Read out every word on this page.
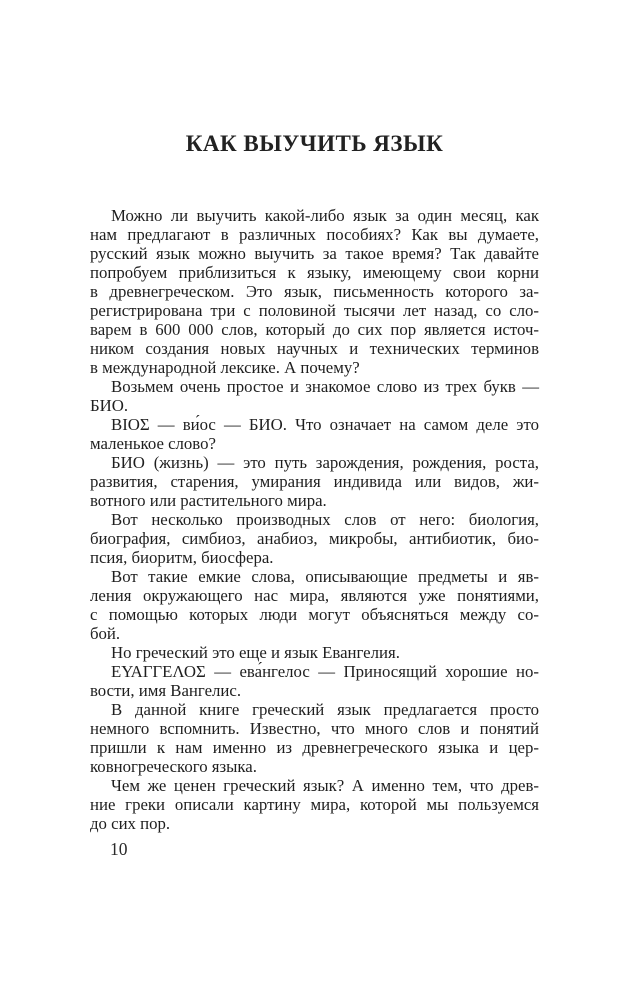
КАК ВЫУЧИТЬ ЯЗЫК
Можно ли выучить какой-либо язык за один месяц, как
нам предлагают в различных пособиях? Как вы думаете,
русский язык можно выучить за такое время? Так давайте
попробуем приблизиться к языку, имеющему свои корни
в древнегреческом. Это язык, письменность которого за-
регистрирована три с половиной тысячи лет назад, со сло-
варем в 600 000 слов, который до сих пор является источ-
ником создания новых научных и технических терминов
в международной лексике. А почему?
Возьмем очень простое и знакомое слово из трех букв —
БИО.
ΒΙΟΣ — ви́ос — БИО. Что означает на самом деле это
маленькое слово?
БИО (жизнь) — это путь зарождения, рождения, роста,
развития, старения, умирания индивида или видов, жи-
вотного или растительного мира.
Вот несколько производных слов от него: биология,
биография, симбиоз, анабиоз, микробы, антибиотик, био-
псия, биоритм, биосфера.
Вот такие емкие слова, описывающие предметы и яв-
ления окружающего нас мира, являются уже понятиями,
с помощью которых люди могут объясняться между со-
бой.
Но греческий это еще и язык Евангелия.
ΕΥΑΓΓΕΛΟΣ — ева́нгелос — Приносящий хорошие но-
вости, имя Вангелис.
В данной книге греческий язык предлагается просто
немного вспомнить. Известно, что много слов и понятий
пришли к нам именно из древнегреческого языка и цер-
ковногреческого языка.
Чем же ценен греческий язык? А именно тем, что древ-
ние греки описали картину мира, которой мы пользуемся
до сих пор.
10
